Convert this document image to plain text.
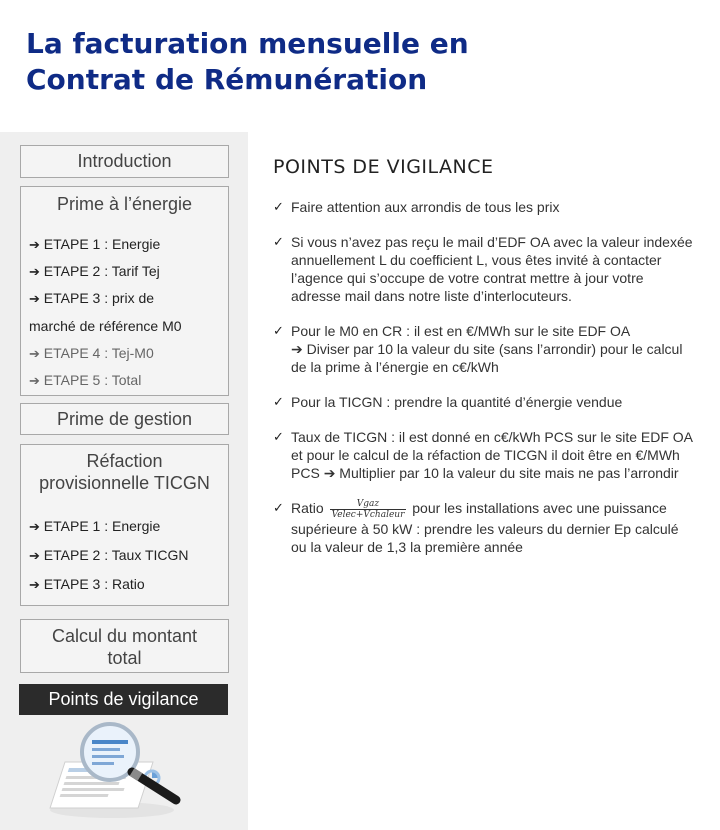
La facturation mensuelle en
Contrat de Rémunération
Introduction
Prime à l’énergie
➔ ETAPE 1 : Energie
➔ ETAPE 2 : Tarif Tej
➔ ETAPE 3 : prix de
marché de référence M0
➔ ETAPE 4 : Tej-M0
➔ ETAPE 5 : Total
Prime de gestion
Réfaction
provisionnelle TICGN
➔ ETAPE 1 : Energie
➔ ETAPE 2 : Taux TICGN
➔ ETAPE 3 : Ratio
Calcul du montant
total
Points de vigilance
POINTS DE VIGILANCE
✓ Faire attention aux arrondis de tous les prix
✓ Si vous n’avez pas reçu le mail d’EDF OA avec la valeur indexée annuellement L du coefficient L, vous êtes invité à contacter l’agence qui s’occupe de votre contrat mettre à jour votre adresse mail dans notre liste d’interlocuteurs.
✓ Pour le M0 en CR : il est en €/MWh sur le site EDF OA
➔ Diviser par 10 la valeur du site (sans l’arrondir) pour le calcul de la prime à l’énergie en c€/kWh
✓ Pour la TICGN : prendre la quantité d’énergie vendue
✓ Taux de TICGN : il est donné en c€/kWh PCS sur le site EDF OA et pour le calcul de la réfaction de TICGN il doit être en €/MWh PCS ➔ Multiplier par 10 la valeur du site mais ne pas l’arrondir
✓ Ratio $\frac{\text{Vgaz}}{\text{Velec+Vchaleur}}$ pour les installations avec une puissance supérieure à 50 kW : prendre les valeurs du dernier Ep calculé ou la valeur de 1,3 la première année
